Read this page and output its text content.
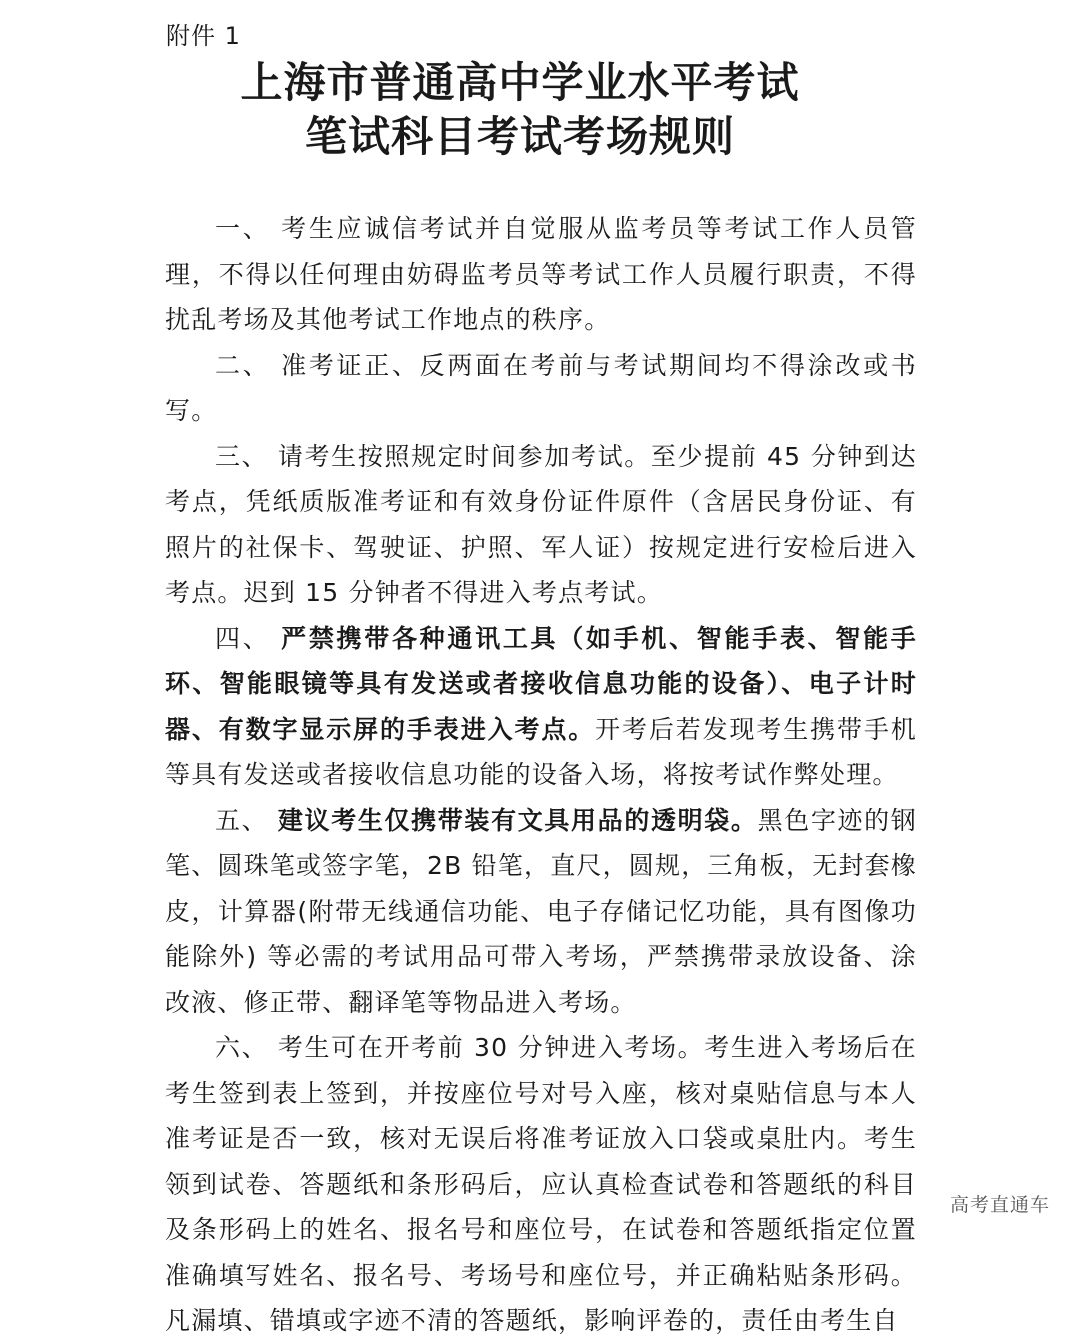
附件 1
上海市普通高中学业水平考试
笔试科目考试考场规则

一、 考生应诚信考试并自觉服从监考员等考试工作人员管理，不得以任何理由妨碍监考员等考试工作人员履行职责，不得扰乱考场及其他考试工作地点的秩序。

二、 准考证正、反两面在考前与考试期间均不得涂改或书写。

三、 请考生按照规定时间参加考试。至少提前 45 分钟到达考点，凭纸质版准考证和有效身份证件原件（含居民身份证、有照片的社保卡、驾驶证、护照、军人证）按规定进行安检后进入考点。迟到 15 分钟者不得进入考点考试。

四、 严禁携带各种通讯工具（如手机、智能手表、智能手环、智能眼镜等具有发送或者接收信息功能的设备）、电子计时器、有数字显示屏的手表进入考点。开考后若发现考生携带手机等具有发送或者接收信息功能的设备入场，将按考试作弊处理。

五、 建议考生仅携带装有文具用品的透明袋。黑色字迹的钢笔、圆珠笔或签字笔，2B 铅笔，直尺，圆规，三角板，无封套橡皮，计算器(附带无线通信功能、电子存储记忆功能，具有图像功能除外) 等必需的考试用品可带入考场，严禁携带录放设备、涂改液、修正带、翻译笔等物品进入考场。

六、 考生可在开考前 30 分钟进入考场。考生进入考场后在考生签到表上签到，并按座位号对号入座，核对桌贴信息与本人准考证是否一致，核对无误后将准考证放入口袋或桌肚内。考生领到试卷、答题纸和条形码后，应认真检查试卷和答题纸的科目及条形码上的姓名、报名号和座位号，在试卷和答题纸指定位置准确填写姓名、报名号、考场号和座位号，并正确粘贴条形码。凡漏填、错填或字迹不清的答题纸，影响评卷的，责任由考生自

高考直通车
